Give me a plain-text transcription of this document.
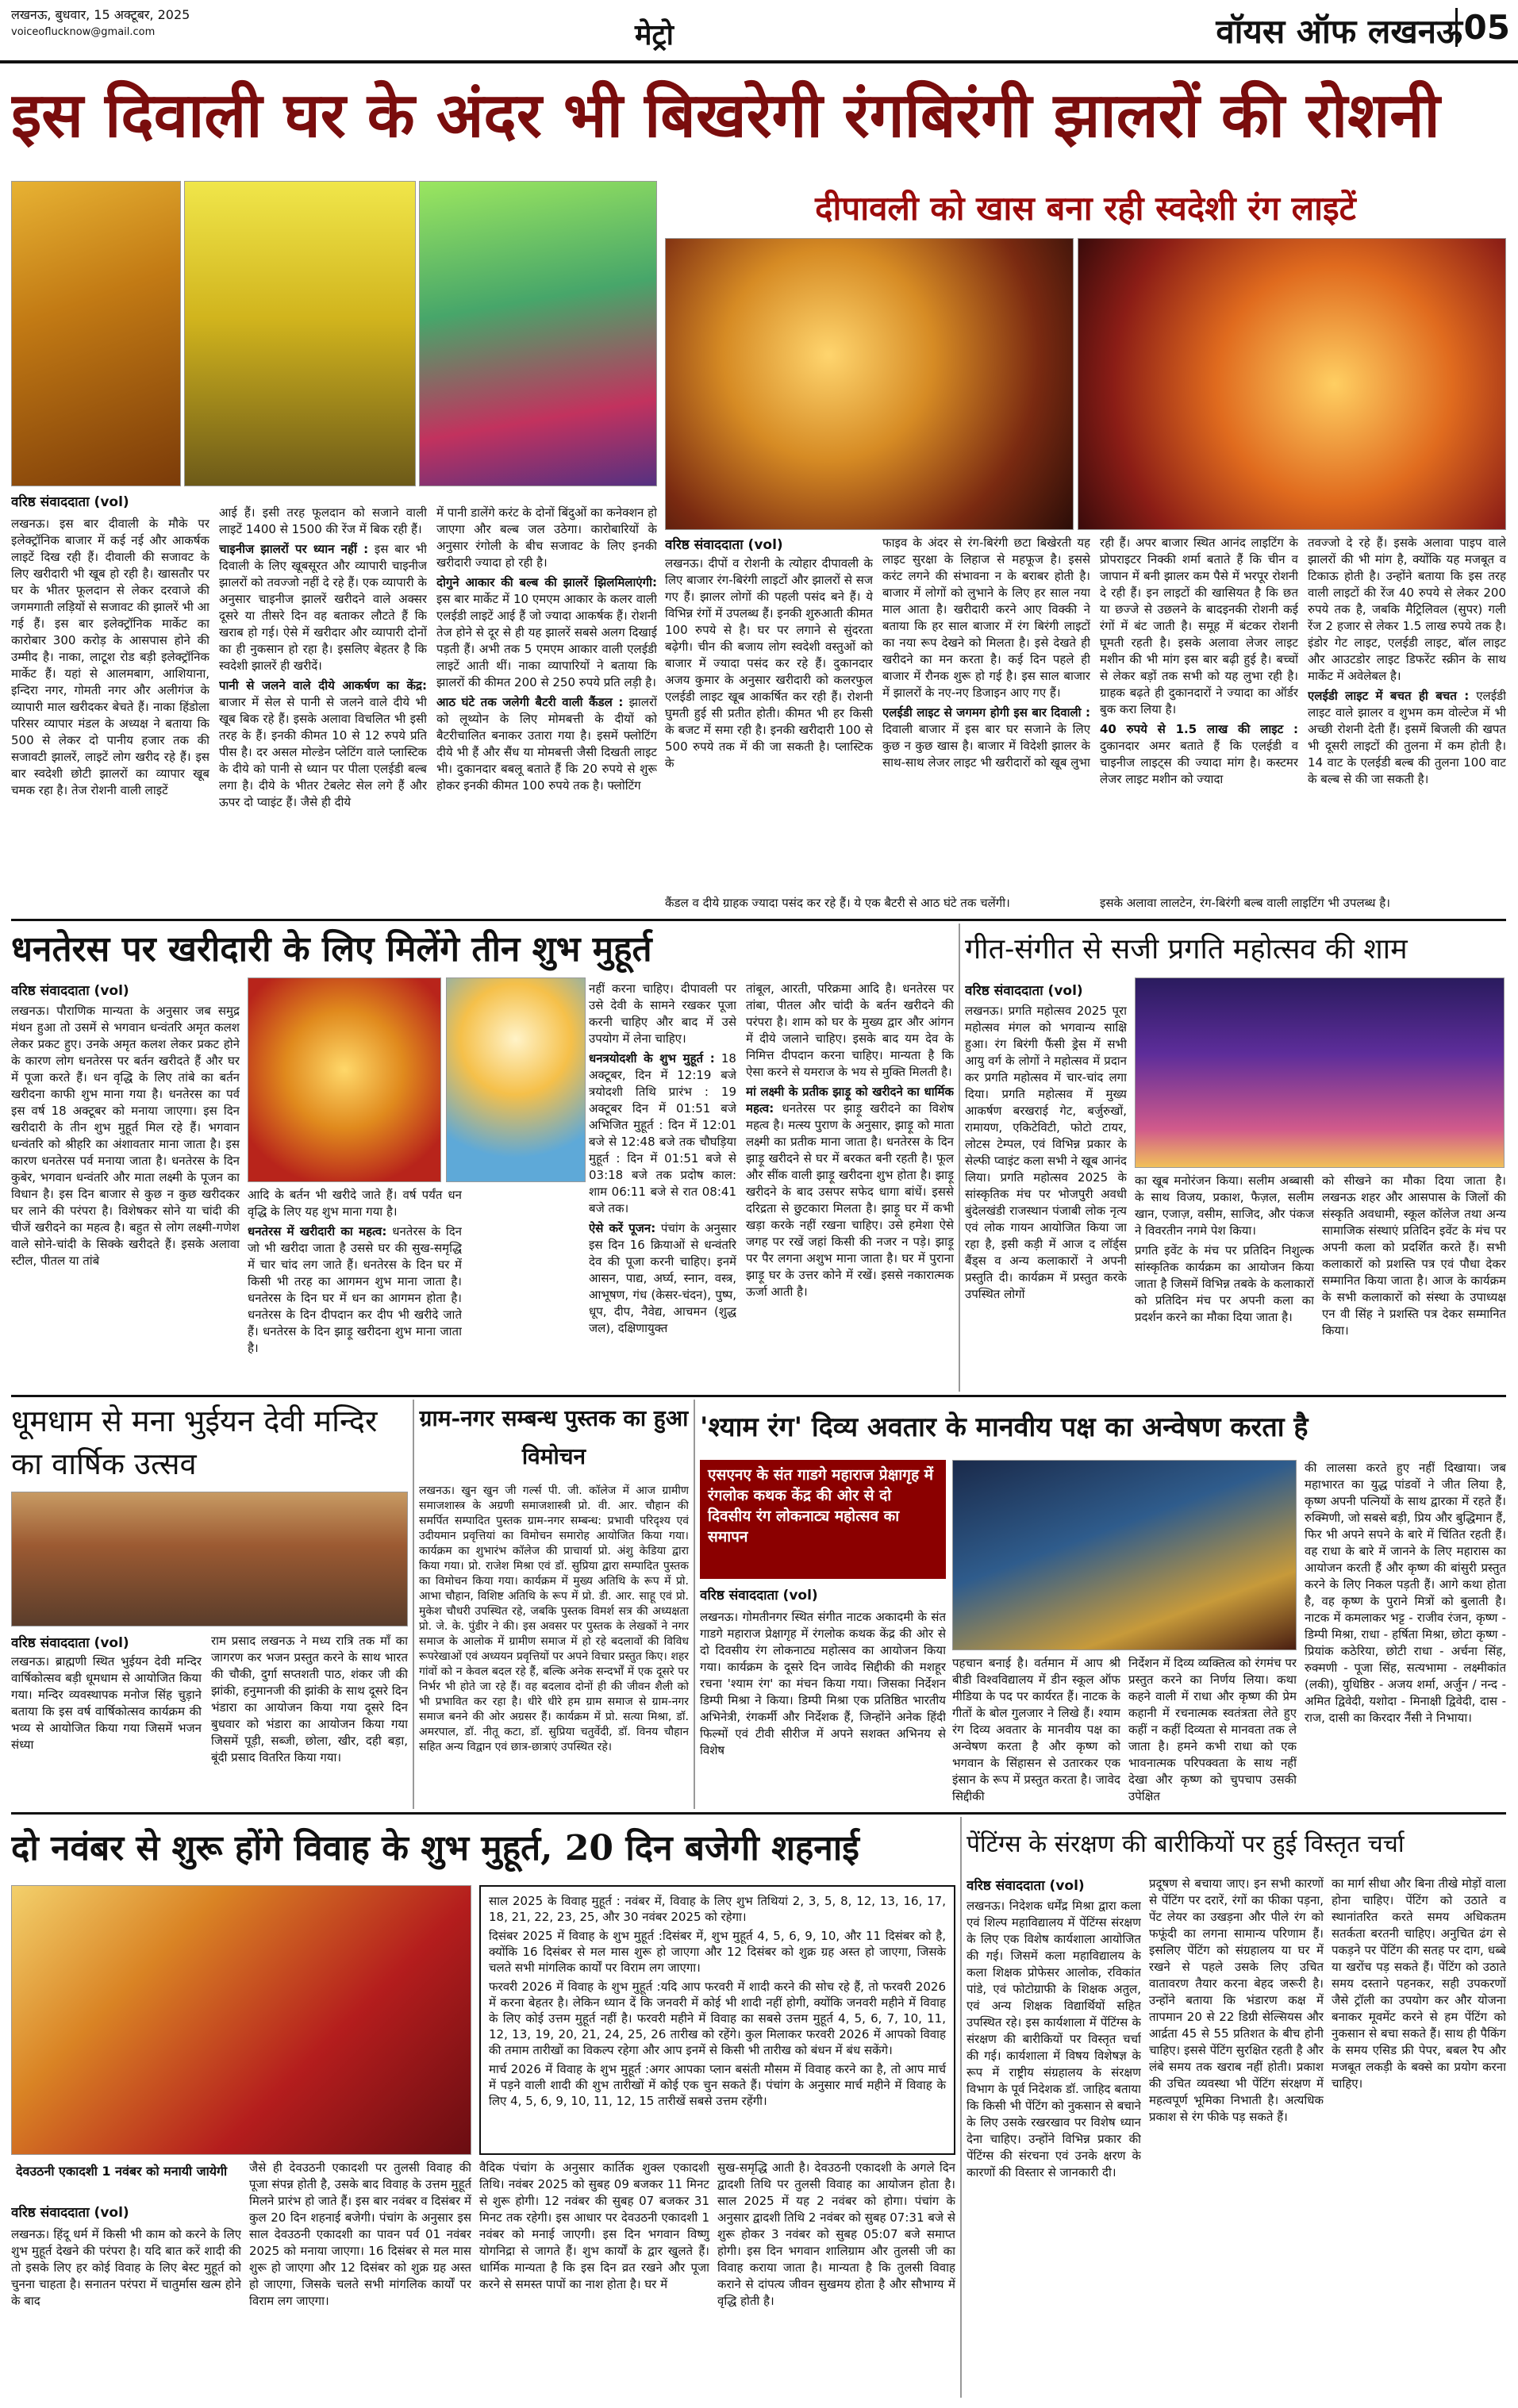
लखनऊ, बुधवार, 15 अक्टूबर, 2025
voiceoflucknow@gmail.com	मेट्रो	वॉयस ऑफ लखनऊ 05
इस दिवाली घर के अंदर भी बिखरेगी रंगबिरंगी झालरों की रोशनी
वरिष्ठ संवाददाता (vol)
दीपावली को खास बना रही स्वदेशी रंग लाइटें
वरिष्ठ संवाददाता (vol)

लखनऊ। इस बार दीवाली के मौके पर इलेक्ट्रॉनिक बाजार में कई नई और आकर्षक लाइटें दिख रही हैं। दीवाली की सजावट के लिए खरीदारी भी खूब हो रही है। खासतौर पर घर के भीतर फूलदान से लेकर दरवाजे की जगमगाती लड़ियों से सजावट की झालरें भी आ गई हैं। इस बार इलेक्ट्रॉनिक मार्केट का कारोबार 300 करोड़ के आसपास होने की उम्मीद है। नाका, लाटूश रोड बड़ी इलेक्ट्रॉनिक मार्केट हैं। यहां से आलमबाग, आशियाना, इन्दिरा नगर, गोमती नगर और अलीगंज के व्यापारी माल खरीदकर बेचते हैं। नाका हिंडोला परिसर व्यापार मंडल के अध्यक्ष ने बताया कि 500 से लेकर दो पानीय हजार तक की सजावटी झालरें, लाइटें लोग खरीद रहे हैं। इस बार स्वदेशी छोटी झालरों का व्यापार खूब चमक रहा है। तेज रोशनी वाली लाइटें

आई हैं। इसी तरह फूलदान को सजाने वाली लाइटें 1400 से 1500 की रेंज में बिक रही हैं।

चाइनीज झालरों पर ध्यान नहीं : इस बार भी दिवाली के लिए खूबसूरत और व्यापारी चाइनीज झालरों को तवज्जो नहीं दे रहे हैं। एक व्यापारी के अनुसार चाइनीज झालरें खरीदने वाले अक्सर दूसरे या तीसरे दिन वह बताकर लौटते हैं कि खराब हो गई। ऐसे में खरीदार और व्यापारी दोनों का ही नुकसान हो रहा है। इसलिए बेहतर है कि स्वदेशी झालरें ही खरीदें।

पानी से जलने वाले दीये आकर्षण का केंद्र: बाजार में सेल से पानी से जलने वाले दीये भी खूब बिक रहे हैं। इसके अलावा विचलित भी इसी तरह के हैं। इनकी कीमत 10 से 12 रुपये प्रति पीस है। दर असल मोल्डेन प्लेटिंग वाले प्लास्टिक के दीये को पानी से ध्यान पर पीला एलईडी बल्ब लगा है। दीये के भीतर टेबलेट सेल लगे हैं और ऊपर दो प्वाइंट हैं। जैसे ही दीये

में पानी डालेंगे करंट के दोनों बिंदुओं का कनेक्शन हो जाएगा और बल्ब जल उठेगा। कारोबारियों के अनुसार रंगोली के बीच सजावट के लिए इनकी खरीदारी ज्यादा हो रही है।

दोगुने आकार की बल्ब की झालरें झिलमिलाएंगी: इस बार मार्केट में 10 एमएम आकार के कलर वाली एलईडी लाइटें आई हैं जो ज्यादा आकर्षक हैं। रोशनी तेज होने से दूर से ही यह झालरें सबसे अलग दिखाई पड़ती हैं। अभी तक 5 एमएम आकार वाली एलईडी लाइटें आती थीं। नाका व्यापारियों ने बताया कि झालरों की कीमत 200 से 250 रुपये प्रति लड़ी है।

आठ घंटे तक जलेगी बैटरी वाली कैंडल : झालरों को लूथ्योन के लिए मोमबत्ती के दीयों को बैटरीचालित बनाकर उतारा गया है। इसमें फ्लोटिंग दीये भी हैं और सैंध या मोमबत्ती जैसी दिखती लाइट भी। दुकानदार बबलू बताते हैं कि 20 रुपये से शुरू होकर इनकी कीमत 100 रुपये तक है। फ्लोटिंग

लखनऊ। दीपों व रोशनी के त्योहार दीपावली के लिए बाजार रंग-बिरंगी लाइटों और झालरों से सज गए हैं। झालर लोगों की पहली पसंद बने हैं। ये विभिन्न रंगों में उपलब्ध हैं। इनकी शुरुआती कीमत 100 रुपये से है। घर पर लगाने से सुंदरता बढ़ेगी। चीन की बजाय लोग स्वदेशी वस्तुओं को बाजार में ज्यादा पसंद कर रहे हैं। दुकानदार अजय कुमार के अनुसार खरीदारी को कलरफुल एलईडी लाइट खूब आकर्षित कर रही हैं। रोशनी घुमती हुई सी प्रतीत होती। कीमत भी हर किसी के बजट में समा रही है। इनकी खरीदारी 100 से 500 रुपये तक में की जा सकती है। प्लास्टिक के

फाइव के अंदर से रंग-बिरंगी छटा बिखेरती यह लाइट सुरक्षा के लिहाज से महफूज है। इससे करंट लगने की संभावना न के बराबर होती है। बाजार में लोगों को लुभाने के लिए हर साल नया माल आता है। खरीदारी करने आए विक्की ने बताया कि हर साल बाजार में रंग बिरंगी लाइटों का नया रूप देखने को मिलता है। इसे देखते ही खरीदने का मन करता है। कई दिन पहले ही बाजार में रौनक शुरू हो गई है। इस साल बाजार में झालरों के नए-नए डिजाइन आए गए हैं।

एलईडी लाइट से जगमग होगी इस बार दिवाली : दिवाली बाजार में इस बार घर सजाने के लिए कुछ न कुछ खास है। बाजार में विदेशी झालर के साथ-साथ लेजर लाइट भी खरीदारों को खूब लुभा

रही हैं। अपर बाजार स्थित आनंद लाइटिंग के प्रोपराइटर निक्की शर्मा बताते हैं कि चीन व जापान में बनी झालर कम पैसे में भरपूर रोशनी दे रही हैं। इन लाइटों की खासियत है कि छत या छज्जे से उछलने के बादइनकी रोशनी कई रंगों में बंट जाती है। समूह में बंटकर रोशनी घूमती रहती है। इसके अलावा लेजर लाइट मशीन की भी मांग इस बार बढ़ी हुई है। बच्चों से लेकर बड़ों तक सभी को यह लुभा रही है। ग्राहक बढ़ते ही दुकानदारों ने ज्यादा का ऑर्डर बुक करा लिया है।

40 रुपये से 1.5 लाख की लाइट : दुकानदार अमर बताते हैं कि एलईडी व चाइनीज लाइट्स की ज्यादा मांग है। कस्टमर लेजर लाइट मशीन को ज्यादा

तवज्जो दे रहे हैं। इसके अलावा पाइप वाले झालरों की भी मांग है, क्योंकि यह मजबूत व टिकाऊ होती है। उन्होंने बताया कि इस तरह वाली लाइटों की रेंज 40 रुपये से लेकर 200 रुपये तक है, जबकि मैट्रिलिवल (सुपर) गली रेंज 2 हजार से लेकर 1.5 लाख रुपये तक है। इंडोर गेट लाइट, एलईडी लाइट, बॉल लाइट और आउटडोर लाइट डिफरेंट स्क्रीन के साथ मार्केट में अवेलेबल है।

एलईडी लाइट में बचत ही बचत : एलईडी लाइट वाले झालर व शुभम कम वोल्टेज में भी अच्छी रोशनी देती हैं। इसमें बिजली की खपत भी दूसरी लाइटों की तुलना में कम होती है। 14 वाट के एलईडी बल्ब की तुलना 100 वाट के बल्ब से की जा सकती है।

कैंडल व दीये ग्राहक ज्यादा पसंद कर रहे हैं। ये एक बैटरी से आठ घंटे तक चलेंगी।	इसके अलावा लालटेन, रंग-बिरंगी बल्ब वाली लाइटिंग भी उपलब्ध है।
धनतेरस पर खरीदारी के लिए मिलेंगे तीन शुभ मुहूर्त
वरिष्ठ संवाददाता (vol)

लखनऊ। पौराणिक मान्यता के अनुसार जब समुद्र मंथन हुआ तो उसमें से भगवान धन्वंतरि अमृत कलश लेकर प्रकट हुए। उनके अमृत कलश लेकर प्रकट होने के कारण लोग धनतेरस पर बर्तन खरीदते हैं और घर में पूजा करते हैं। धन वृद्धि के लिए तांबे का बर्तन खरीदना काफी शुभ माना गया है। धनतेरस का पर्व इस वर्ष 18 अक्टूबर को मनाया जाएगा। इस दिन खरीदारी के तीन शुभ मुहूर्त मिल रहे हैं। भगवान धन्वंतरि को श्रीहरि का अंशावतार माना जाता है। इस कारण धनतेरस पर्व मनाया जाता है। धनतेरस के दिन कुबेर, भगवान धन्वंतरि और माता लक्ष्मी के पूजन का विधान है। इस दिन बाजार से कुछ न कुछ खरीदकर घर लाने की परंपरा है। विशेषकर सोने या चांदी की चीजें खरीदने का महत्व है। बहुत से लोग लक्ष्मी-गणेश वाले सोने-चांदी के सिक्के खरीदते हैं। इसके अलावा स्टील, पीतल या तांबे

आदि के बर्तन भी खरीदे जाते हैं। वर्ष पर्यंत धन वृद्धि के लिए यह शुभ माना गया है।

धनतेरस में खरीदारी का महत्व: धनतेरस के दिन जो भी खरीदा जाता है उससे घर की सुख-समृद्धि में चार चांद लग जाते हैं। धनतेरस के दिन घर में किसी भी तरह का आगमन शुभ माना जाता है। धनतेरस के दिन घर में धन का आगमन होता है। धनतेरस के दिन दीपदान कर दीप भी खरीदे जाते हैं। धनतेरस के दिन झाड़ू खरीदना शुभ माना जाता है।

नहीं करना चाहिए। दीपावली पर उसे देवी के सामने रखकर पूजा करनी चाहिए और बाद में उसे उपयोग में लेना चाहिए।

धनत्रयोदशी के शुभ मुहूर्त : 18 अक्टूबर, दिन में 12:19 बजे त्रयोदशी तिथि प्रारंभ : 19 अक्टूबर दिन में 01:51 बजे अभिजित मुहूर्त : दिन में 12:01 बजे से 12:48 बजे तक चौघड़िया मुहूर्त : दिन में 01:51 बजे से 03:18 बजे तक प्रदोष काल: शाम 06:11 बजे से रात 08:41 बजे तक।

ऐसे करें पूजन: पंचांग के अनुसार इस दिन 16 क्रियाओं से धन्वंतरि देव की पूजा करनी चाहिए। इनमें आसन, पाद्य, अर्घ्य, स्नान, वस्त्र, आभूषण, गंध (केसर-चंदन), पुष्प, धूप, दीप, नैवेद्य, आचमन (शुद्ध जल), दक्षिणायुक्त

तांबूल, आरती, परिक्रमा आदि है। धनतेरस पर तांबा, पीतल और चांदी के बर्तन खरीदने की परंपरा है। शाम को घर के मुख्य द्वार और आंगन में दीये जलाने चाहिए। इसके बाद यम देव के निमित्त दीपदान करना चाहिए। मान्यता है कि ऐसा करने से यमराज के भय से मुक्ति मिलती है।

मां लक्ष्मी के प्रतीक झाड़ू को खरीदने का धार्मिक महत्व: धनतेरस पर झाड़ू खरीदने का विशेष महत्व है। मत्स्य पुराण के अनुसार, झाड़ू को माता लक्ष्मी का प्रतीक माना जाता है। धनतेरस के दिन झाड़ू खरीदने से घर में बरकत बनी रहती है। फूल और सींक वाली झाड़ू खरीदना शुभ होता है। झाड़ू खरीदने के बाद उसपर सफेद धागा बांधें। इससे दरिद्रता से छुटकारा मिलता है। झाड़ू घर में कभी खड़ा करके नहीं रखना चाहिए। उसे हमेशा ऐसे जगह पर रखें जहां किसी की नजर न पड़े। झाड़ू पर पैर लगना अशुभ माना जाता है। घर में पुराना झाड़ू घर के उत्तर कोने में रखें। इससे नकारात्मक ऊर्जा आती है।

गीत-संगीत से सजी प्रगति महोत्सव की शाम
वरिष्ठ संवाददाता (vol)

लखनऊ। प्रगति महोत्सव 2025 पूरा महोत्सव मंगल को भगवान्य साक्षि हुआ। रंग बिरंगी फैंसी ड्रेस में सभी आयु वर्ग के लोगों ने महोत्सव में प्रदान कर प्रगति महोत्सव में चार-चांद लगा दिया। प्रगति महोत्सव में मुख्य आकर्षण बरखराई गेट, बर्जुरुखों, रामायण, एकिटेविटी, फोटो टायर, लोटस टेम्पल, एवं विभिन्न प्रकार के सेल्फी प्वाइंट कला सभी ने खूब आनंद लिया। प्रगति महोत्सव 2025 के सांस्कृतिक मंच पर भोजपुरी अवधी बुंदेलखंडी राजस्थान पंजाबी लोक नृत्य एवं लोक गायन आयोजित किया जा रहा है, इसी कड़ी में आज द लॉर्ड्स बैंड्स व अन्य कलाकारों ने अपनी प्रस्तुति दी। कार्यक्रम में प्रस्तुत करके उपस्थित लोगों

का खूब मनोरंजन किया। सलीम अब्बासी के साथ विजय, प्रकाश, फैज़ल, सलीम खान, एजाज़, वसीम, साजिद, और पंकज ने विवरतीन नगमे पेश किया।

प्रगति इवेंट के मंच पर प्रतिदिन निशुल्क सांस्कृतिक कार्यक्रम का आयोजन किया जाता है जिसमें विभिन्न तबके के कलाकारों को प्रतिदिन मंच पर अपनी कला का प्रदर्शन करने का मौका दिया जाता है।

को सीखने का मौका दिया जाता है। लखनऊ शहर और आसपास के जिलों की संस्कृति अवधामी, स्कूल कॉलेज तथा अन्य सामाजिक संस्थाएं प्रतिदिन इवेंट के मंच पर अपनी कला को प्रदर्शित करते हैं। सभी कलाकारों को प्रशस्ति पत्र एवं पौधा देकर सम्मानित किया जाता है। आज के कार्यक्रम के सभी कलाकारों को संस्था के उपाध्यक्ष एन वी सिंह ने प्रशस्ति पत्र देकर सम्मानित किया।

धूमधाम से मना भुईयन देवी मन्दिर का वार्षिक उत्सव
वरिष्ठ संवाददाता (vol)

लखनऊ। ब्राह्मणी स्थित भुईयन देवी मन्दिर वार्षिकोत्सव बड़ी धूमधाम से आयोजित किया गया। मन्दिर व्यवस्थापक मनोज सिंह चुड़ाने बताया कि इस वर्ष वार्षिकोत्सव कार्यक्रम की भव्य से आयोजित किया गया जिसमें भजन संध्या

राम प्रसाद लखनऊ ने मध्य रात्रि तक माँ का जागरण कर भजन प्रस्तुत करने के साथ भारत की चौकी, दुर्गा सप्तशती पाठ, शंकर जी की झांकी, हनुमानजी की झांकी के साथ दूसरे दिन भंडारा का आयोजन किया गया दूसरे दिन बुधवार को भंडारा का आयोजन किया गया जिसमें पूड़ी, सब्जी, छोला, खीर, दही बड़ा, बूंदी प्रसाद वितरित किया गया।

ग्राम-नगर सम्बन्ध पुस्तक का हुआ विमोचन

लखनऊ। खुन खुन जी गर्ल्स पी. जी. कॉलेज में आज ग्रामीण समाजशास्त्र के अग्रणी समाजशास्त्री प्रो. वी. आर. चौहान की समर्पित सम्पादित पुस्तक ग्राम-नगर सम्बन्ध: प्रभावी परिदृश्य एवं उदीयमान प्रवृत्तियां का विमोचन समारोह आयोजित किया गया। कार्यक्रम का शुभारंभ कॉलेज की प्राचार्या प्रो. अंशु केडिया द्वारा किया गया। प्रो. राजेश मिश्रा एवं डॉ. सुप्रिया द्वारा सम्पादित पुस्तक का विमोचन किया गया। कार्यक्रम में मुख्य अतिथि के रूप में प्रो. आभा चौहान, विशिष्ट अतिथि के रूप में प्रो. डी. आर. साहू एवं प्रो. मुकेश चौधरी उपस्थित रहे, जबकि पुस्तक विमर्श सत्र की अध्यक्षता प्रो. जे. के. पुंडीर ने की। इस अवसर पर पुस्तक के लेखकों ने नगर समाज के आलोक में ग्रामीण समाज में हो रहे बदलावों की विविध रूपरेखाओं एवं अध्ययन प्रवृत्तियों पर अपने विचार प्रस्तुत किए। शहर गांवों को न केवल बदल रहे हैं, बल्कि अनेक सन्दर्भों में एक दूसरे पर निर्भर भी होते जा रहे हैं। वह बदलाव दोनों ही की जीवन शैली को भी प्रभावित कर रहा है। धीरे धीरे हम ग्राम समाज से ग्राम-नगर समाज बनने की ओर अग्रसर हैं। कार्यक्रम में प्रो. सत्या मिश्रा, डॉ. अमरपाल, डॉ. नीतू कटा, डॉ. सुप्रिया चतुर्वेदी, डॉ. विनय चौहान सहित अन्य विद्वान एवं छात्र-छात्राएं उपस्थित रहे।

'श्याम रंग' दिव्य अवतार के मानवीय पक्ष का अन्वेषण करता है
एसएनए के संत गाडगे महाराज प्रेक्षागृह में रंगलोक कथक केंद्र की ओर से दो दिवसीय रंग लोकनाट्य महोत्सव का समापन
वरिष्ठ संवाददाता (vol)

लखनऊ। गोमतीनगर स्थित संगीत नाटक अकादमी के संत गाडगे महाराज प्रेक्षागृह में रंगलोक कथक केंद्र की ओर से दो दिवसीय रंग लोकनाट्य महोत्सव का आयोजन किया गया। कार्यक्रम के दूसरे दिन जावेद सिद्दीकी की मशहूर रचना 'श्याम रंग' का मंचन किया गया। जिसका निर्देशन डिम्पी मिश्रा ने किया। डिम्पी मिश्रा एक प्रतिष्ठित भारतीय अभिनेत्री, रंगकर्मी और निर्देशक हैं, जिन्होंने अनेक हिंदी फिल्मों एवं टीवी सीरीज में अपने सशक्त अभिनय से विशेष

पहचान बनाई है। वर्तमान में आप श्री बीडी विश्वविद्यालय में डीन स्कूल ऑफ मीडिया के पद पर कार्यरत हैं। नाटक के गीतों के बोल गुलजार ने लिखे हैं। श्याम रंग दिव्य अवतार के मानवीय पक्ष का अन्वेषण करता है और कृष्ण को भगवान के सिंहासन से उतारकर एक इंसान के रूप में प्रस्तुत करता है। जावेद सिद्दीकी

निर्देशन में दिव्य व्यक्तित्व को रंगमंच पर प्रस्तुत करने का निर्णय लिया। कथा कहने वाली में राधा और कृष्ण की प्रेम कहानी में रचनात्मक स्वतंत्रता लेते हुए कहीं न कहीं दिव्यता से मानवता तक ले जाता है। हमने कभी राधा को एक भावनात्मक परिपक्वता के साथ नहीं देखा और कृष्ण को चुपचाप उसकी उपेक्षित

की लालसा करते हुए नहीं दिखाया। जब महाभारत का युद्ध पांडवों ने जीत लिया है, कृष्ण अपनी पत्नियों के साथ द्वारका में रहते हैं। रुक्मिणी, जो सबसे बड़ी, प्रिय और बुद्धिमान हैं, फिर भी अपने सपने के बारे में चिंतित रहती हैं। वह राधा के बारे में जानने के लिए महारास का आयोजन करती हैं और कृष्ण की बांसुरी प्रस्तुत करने के लिए निकल पड़ती हैं। आगे कथा होता है, वह कृष्ण के पुराने मित्रों को बुलाती है। नाटक में कमलाकर भट्ट - राजीव रंजन, कृष्ण - डिम्पी मिश्रा, राधा - हर्षिता मिश्रा, छोटा कृष्ण - प्रियांक कठेरिया, छोटी राधा - अर्चना सिंह, रुक्मणी - पूजा सिंह, सत्यभामा - लक्ष्मीकांत (लकी), युधिष्ठिर - अजय शर्मा, अर्जुन / नन्द - अमित द्विवेदी, यशोदा - मिनाक्षी द्विवेदी, दास - राज, दासी का किरदार नैंसी ने निभाया।

दो नवंबर से शुरू होंगे विवाह के शुभ मुहूर्त, 20 दिन बजेगी शहनाई
देवउठनी एकादशी 1 नवंबर को मनायी जायेगी
वरिष्ठ संवाददाता (vol)

साल 2025 के विवाह मुहूर्त : नवंबर में, विवाह के लिए शुभ तिथियां 2, 3, 5, 8, 12, 13, 16, 17, 18, 21, 22, 23, 25, और 30 नवंबर 2025 को रहेगा।

दिसंबर 2025 में विवाह के शुभ मुहूर्त :दिसंबर में, शुभ मुहूर्त 4, 5, 6, 9, 10, और 11 दिसंबर को है, क्योंकि 16 दिसंबर से मल मास शुरू हो जाएगा और 12 दिसंबर को शुक्र ग्रह अस्त हो जाएगा, जिसके चलते सभी मांगलिक कार्यों पर विराम लग जाएगा।

फरवरी 2026 में विवाह के शुभ मुहूर्त :यदि आप फरवरी में शादी करने की सोच रहे हैं, तो फरवरी 2026 में करना बेहतर है। लेकिन ध्यान दें कि जनवरी में कोई भी शादी नहीं होगी, क्योंकि जनवरी महीने में विवाह के लिए कोई उत्तम मुहूर्त नहीं है। फरवरी महीने में विवाह का सबसे उत्तम मुहूर्त 4, 5, 6, 7, 10, 11, 12, 13, 19, 20, 21, 24, 25, 26 तारीख को रहेंगे। कुल मिलाकर फरवरी 2026 में आपको विवाह की तमाम तारीखों का विकल्प रहेगा और आप इनमें से किसी भी तारीख को बंधन में बंध सकेंगे।

मार्च 2026 में विवाह के शुभ मुहूर्त :अगर आपका प्लान बसंती मौसम में विवाह करने का है, तो आप मार्च में पड़ने वाली शादी की शुभ तारीखों में कोई एक चुन सकते हैं। पंचांग के अनुसार मार्च महीने में विवाह के लिए 4, 5, 6, 9, 10, 11, 12, 15 तारीखें सबसे उत्तम रहेंगी।

लखनऊ। हिंदू धर्म में किसी भी काम को करने के लिए शुभ मुहूर्त देखने की परंपरा है। यदि बात करें शादी की तो इसके लिए हर कोई विवाह के लिए बेस्ट मुहूर्त को चुनना चाहता है। सनातन परंपरा में चातुर्मास खत्म होने के बाद

जैसे ही देवउठनी एकादशी पर तुलसी विवाह की पूजा संपन्न होती है, उसके बाद विवाह के उत्तम मुहूर्त मिलने प्रारंभ हो जाते हैं। इस बार नवंबर व दिसंबर में कुल 20 दिन शहनाई बजेगी। पंचांग के अनुसार इस साल देवउठनी एकादशी का पावन पर्व 01 नवंबर 2025 को मनाया जाएगा। 16 दिसंबर से मल मास शुरू हो जाएगा और 12 दिसंबर को शुक्र ग्रह अस्त हो जाएगा, जिसके चलते सभी मांगलिक कार्यों पर विराम लग जाएगा।

वैदिक पंचांग के अनुसार कार्तिक शुक्ल एकादशी तिथि। नवंबर 2025 को सुबह 09 बजकर 11 मिनट से शुरू होगी। 12 नवंबर की सुबह 07 बजकर 31 मिनट तक रहेगी। इस आधार पर देवउठनी एकादशी 1 नवंबर को मनाई जाएगी। इस दिन भगवान विष्णु योगनिद्रा से जागते हैं। शुभ कार्यों के द्वार खुलते हैं। धार्मिक मान्यता है कि इस दिन व्रत रखने और पूजा करने से समस्त पापों का नाश होता है। घर में

सुख-समृद्धि आती है। देवउठनी एकादशी के अगले दिन द्वादशी तिथि पर तुलसी विवाह का आयोजन होता है। साल 2025 में यह 2 नवंबर को होगा। पंचांग के अनुसार द्वादशी तिथि 2 नवंबर को सुबह 07:31 बजे से शुरू होकर 3 नवंबर को सुबह 05:07 बजे समाप्त होगी। इस दिन भगवान शालिग्राम और तुलसी जी का विवाह कराया जाता है। मान्यता है कि तुलसी विवाह कराने से दांपत्य जीवन सुखमय होता है और सौभाग्य में वृद्धि होती है।

पेंटिंग्स के संरक्षण की बारीकियों पर हुई विस्तृत चर्चा
वरिष्ठ संवाददाता (vol)

लखनऊ। निदेशक धर्मेंद्र मिश्रा द्वारा कला एवं शिल्प महाविद्यालय में पेंटिंग्स संरक्षण के लिए एक विशेष कार्यशाला आयोजित की गई। जिसमें कला महाविद्यालय के कला शिक्षक प्रोफेसर आलोक, रविकांत पांडे, एवं फोटोग्राफी के शिक्षक अतुल, एवं अन्य शिक्षक विद्यार्थियों सहित उपस्थित रहे। इस कार्यशाला में पेंटिंग्स के संरक्षण की बारीकियों पर विस्तृत चर्चा की गई। कार्यशाला में विषय विशेषज्ञ के रूप में राष्ट्रीय संग्रहालय के संरक्षण विभाग के पूर्व निदेशक डॉ. जाहिद बताया कि किसी भी पेंटिंग को नुकसान से बचाने के लिए उसके रखरखाव पर विशेष ध्यान देना चाहिए। उन्होंने विभिन्न प्रकार की पेंटिंग्स की संरचना एवं उनके क्षरण के कारणों की विस्तार से जानकारी दी।

प्रदूषण से बचाया जाए। इन सभी कारणों से पेंटिंग पर दरारें, रंगों का फीका पड़ना, पेंट लेयर का उखड़ना और पीले रंग को फफूंदी का लगना सामान्य परिणाम हैं। इसलिए पेंटिंग को संग्रहालय या घर में रखने से पहले उसके लिए उचित वातावरण तैयार करना बेहद जरूरी है। उन्होंने बताया कि भंडारण कक्ष में तापमान 20 से 22 डिग्री सेल्सियस और आर्द्रता 45 से 55 प्रतिशत के बीच होनी चाहिए। इससे पेंटिंग सुरक्षित रहती है और लंबे समय तक खराब नहीं होती। प्रकाश की उचित व्यवस्था भी पेंटिंग संरक्षण में महत्वपूर्ण भूमिका निभाती है। अत्यधिक प्रकाश से रंग फीके पड़ सकते हैं।

का मार्ग सीधा और बिना तीखे मोड़ों वाला होना चाहिए। पेंटिंग को उठाते व स्थानांतरित करते समय अधिकतम सतर्कता बरतनी चाहिए। अनुचित ढंग से पकड़ने पर पेंटिंग की सतह पर दाग, धब्बे या खरोंच पड़ सकते हैं। पेंटिंग को उठाते समय दस्ताने पहनकर, सही उपकरणों जैसे ट्रॉली का उपयोग कर और योजना बनाकर मूवमेंट करने से हम पेंटिंग को नुकसान से बचा सकते हैं। साथ ही पैकिंग के समय एसिड फ्री पेपर, बबल रैप और मजबूत लकड़ी के बक्से का प्रयोग करना चाहिए।
